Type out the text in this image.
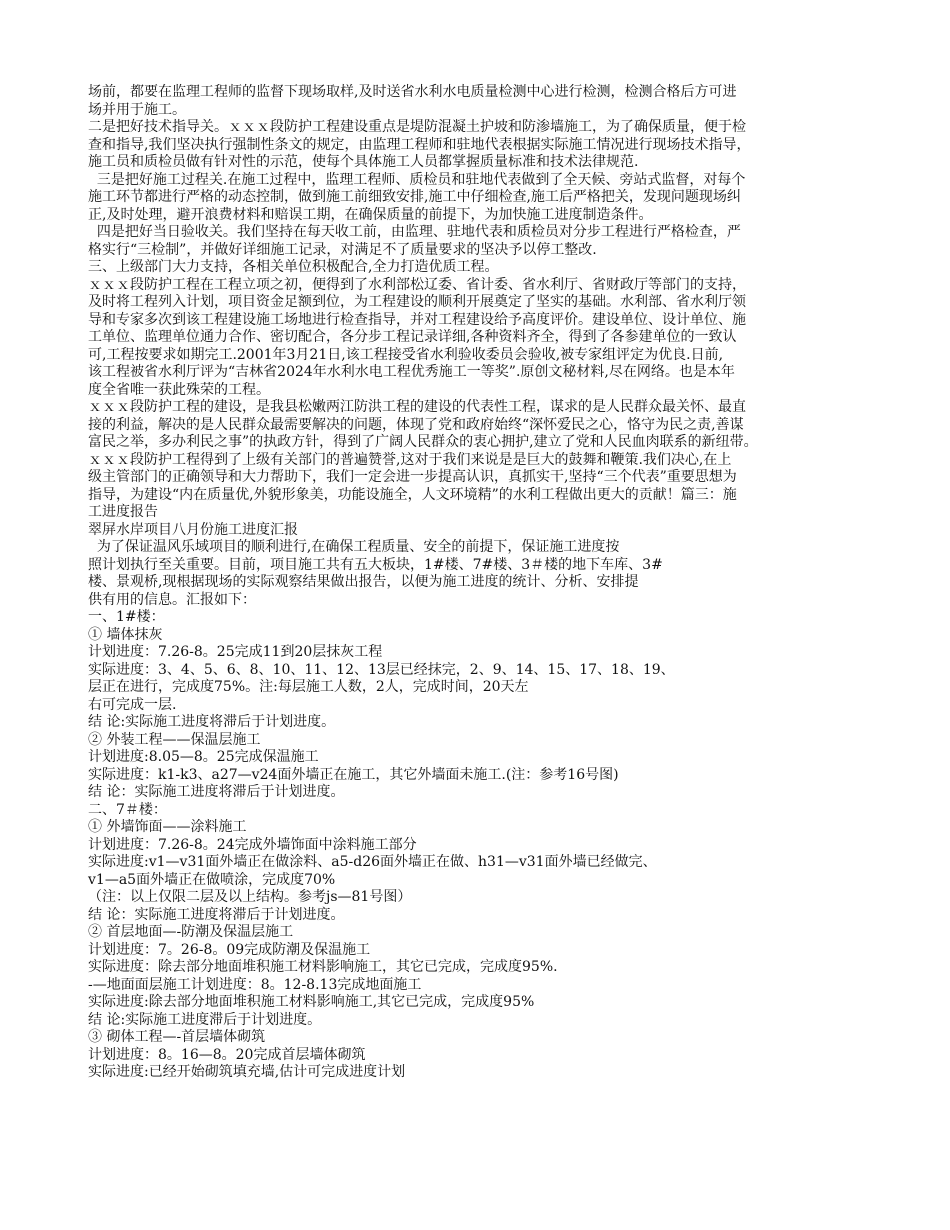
场前，都要在监理工程师的监督下现场取样,及时送省水利水电质量检测中心进行检测，检测合格后方可进
场并用于施工。
二是把好技术指导关。ｘｘｘ段防护工程建设重点是堤防混凝土护坡和防渗墙施工，为了确保质量，便于检
查和指导,我们坚决执行强制性条文的规定，由监理工程师和驻地代表根据实际施工情况进行现场技术指导，
施工员和质检员做有针对性的示范，使每个具体施工人员都掌握质量标准和技术法律规范.
三是把好施工过程关.在施工过程中，监理工程师、质检员和驻地代表做到了全天候、旁站式监督，对每个
施工环节都进行严格的动态控制，做到施工前细致安排,施工中仔细检查,施工后严格把关，发现问题现场纠
正,及时处理，避开浪费材料和赔误工期，在确保质量的前提下，为加快施工进度制造条件。
四是把好当日验收关。我们坚持在每天收工前，由监理、驻地代表和质检员对分步工程进行严格检查，严
格实行“三检制”，并做好详细施工记录，对满足不了质量要求的坚决予以停工整改.
三、上级部门大力支持，各相关单位积极配合,全力打造优质工程。
ｘｘｘ段防护工程在工程立项之初，便得到了水利部松辽委、省计委、省水利厅、省财政厅等部门的支持，
及时将工程列入计划，项目资金足额到位，为工程建设的顺利开展奠定了坚实的基础。水利部、省水利厅领
导和专家多次到该工程建设施工场地进行检查指导，并对工程建设给予高度评价。建设单位、设计单位、施
工单位、监理单位通力合作、密切配合，各分步工程记录详细,各种资料齐全，得到了各参建单位的一致认
可,工程按要求如期完工.2001年3月21日,该工程接受省水利验收委员会验收,被专家组评定为优良.日前,
该工程被省水利厅评为“吉林省2024年水利水电工程优秀施工一等奖”.原创文秘材料,尽在网络。也是本年
度全省唯一获此殊荣的工程。
ｘｘｘ段防护工程的建设，是我县松嫩两江防洪工程的建设的代表性工程，谋求的是人民群众最关怀、最直
接的利益，解决的是人民群众最需要解决的问题，体现了党和政府始终“深怀爱民之心，恪守为民之责,善谋
富民之举，多办利民之事”的执政方针，得到了广阔人民群众的衷心拥护,建立了党和人民血肉联系的新纽带。
ｘｘｘ段防护工程得到了上级有关部门的普遍赞誉,这对于我们来说是是巨大的鼓舞和鞭策.我们决心,在上
级主管部门的正确领导和大力帮助下，我们一定会进一步提高认识，真抓实干,坚持“三个代表”重要思想为
指导，为建设“内在质量优,外貌形象美，功能设施全，人文环境精”的水利工程做出更大的贡献！篇三：施
工进度报告
翠屏水岸项目八月份施工进度汇报
为了保证温风乐域项目的顺利进行,在确保工程质量、安全的前提下，保证施工进度按
照计划执行至关重要。目前，项目施工共有五大板块，1#楼、7#楼、3＃楼的地下车库、3#
楼、景观桥,现根据现场的实际观察结果做出报告，以便为施工进度的统计、分析、安排提
供有用的信息。汇报如下：
一、1#楼：
① 墙体抹灰
计划进度：7.26-8。25完成11到20层抹灰工程
实际进度：3、4、5、6、8、10、11、12、13层已经抹完，2、9、14、15、17、18、19、
层正在进行，完成度75%。注:每层施工人数，2人，完成时间，20天左
右可完成一层.
结 论:实际施工进度将滞后于计划进度。
② 外装工程——保温层施工
计划进度:8.05—8。25完成保温施工
实际进度：k1-k3、a27—v24面外墙正在施工，其它外墙面未施工.(注：参考16号图)
结 论：实际施工进度将滞后于计划进度。
二、7＃楼：
① 外墙饰面——涂料施工
计划进度：7.26-8。24完成外墙饰面中涂料施工部分
实际进度:v1—v31面外墙正在做涂料、a5-d26面外墙正在做、h31—v31面外墙已经做完、
v1—a5面外墙正在做喷涂，完成度70%
（注：以上仅限二层及以上结构。参考js—81号图）
结 论：实际施工进度将滞后于计划进度。
② 首层地面—-防潮及保温层施工
计划进度：7。26-8。09完成防潮及保温施工
实际进度：除去部分地面堆积施工材料影响施工，其它已完成，完成度95%.
-—地面面层施工计划进度：8。12-8.13完成地面施工
实际进度:除去部分地面堆积施工材料影响施工,其它已完成，完成度95%
结 论:实际施工进度滞后于计划进度。
③ 砌体工程—-首层墙体砌筑
计划进度：8。16—8。20完成首层墙体砌筑
实际进度:已经开始砌筑填充墙,估计可完成进度计划
